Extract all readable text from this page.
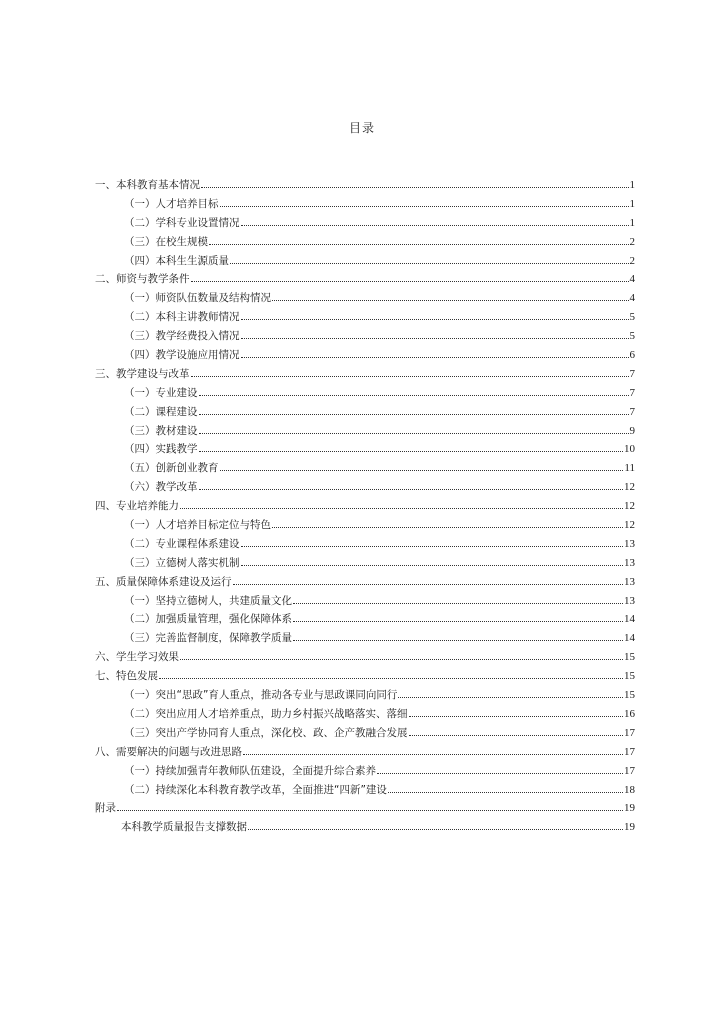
目录
一、本科教育基本情况	1
（一）人才培养目标	1
（二）学科专业设置情况	1
（三）在校生规模	2
（四）本科生生源质量	2
二、师资与教学条件	4
（一）师资队伍数量及结构情况	4
（二）本科主讲教师情况	5
（三）教学经费投入情况	5
（四）教学设施应用情况	6
三、教学建设与改革	7
（一）专业建设	7
（二）课程建设	7
（三）教材建设	9
（四）实践教学	10
（五）创新创业教育	11
（六）教学改革	12
四、专业培养能力	12
（一）人才培养目标定位与特色	12
（二）专业课程体系建设	13
（三）立德树人落实机制	13
五、质量保障体系建设及运行	13
（一）坚持立德树人，共建质量文化	13
（二）加强质量管理，强化保障体系	14
（三）完善监督制度，保障教学质量	14
六、学生学习效果	15
七、特色发展	15
（一）突出“思政”育人重点，推动各专业与思政课同向同行	15
（二）突出应用人才培养重点，助力乡村振兴战略落实、落细	16
（三）突出产学协同育人重点，深化校、政、企产教融合发展	17
八、需要解决的问题与改进思路	17
（一）持续加强青年教师队伍建设，全面提升综合素养	17
（二）持续深化本科教育教学改革，全面推进“四新”建设	18
附录	19
本科教学质量报告支撑数据	19
